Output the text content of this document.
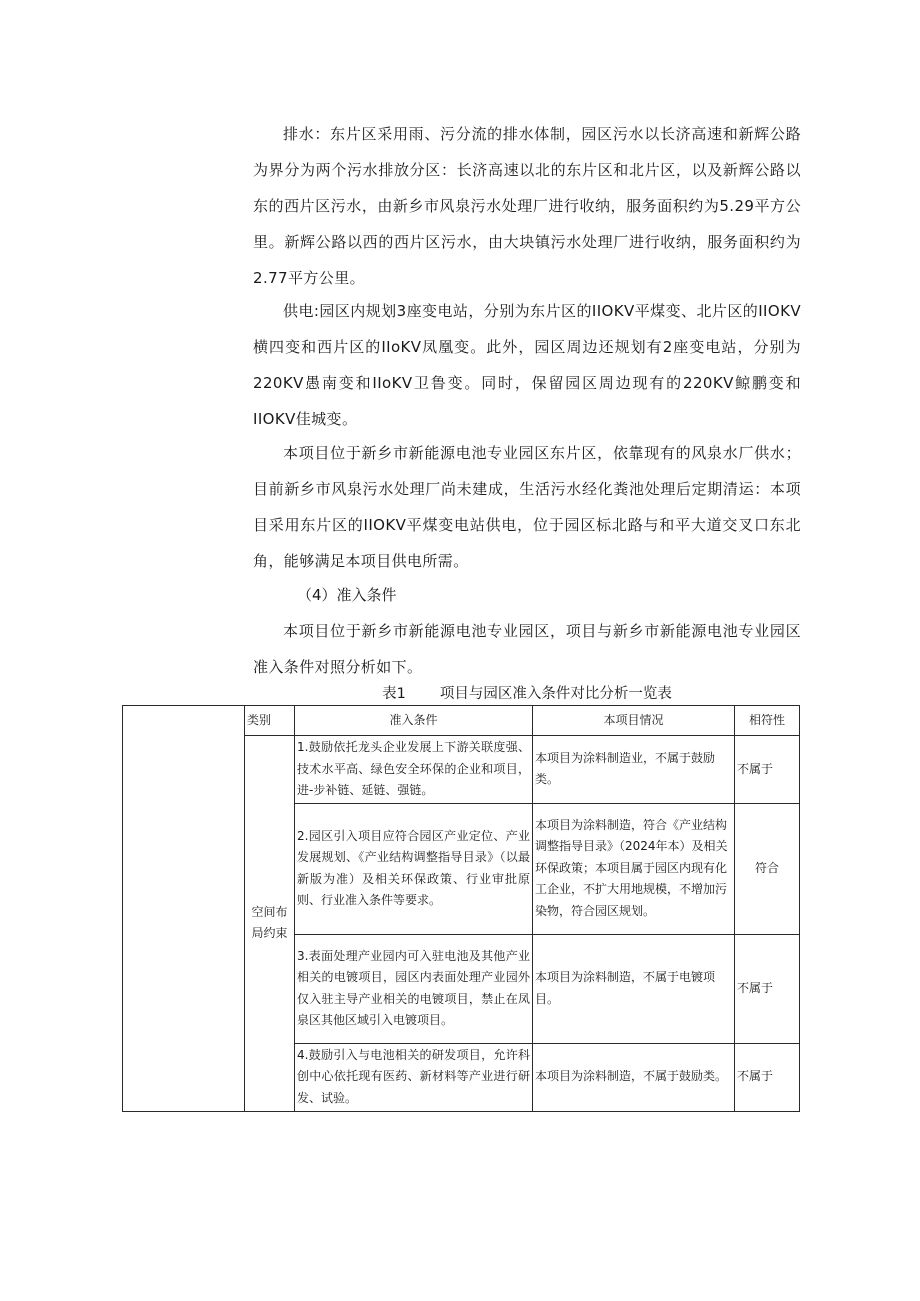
排水：东片区采用雨、污分流的排水体制，园区污水以长济高速和新辉公路为界分为两个污水排放分区：长济高速以北的东片区和北片区，以及新辉公路以东的西片区污水，由新乡市风泉污水处理厂进行收纳，服务面积约为5.29平方公里。新辉公路以西的西片区污水，由大块镇污水处理厂进行收纳，服务面积约为2.77平方公里。

供电:园区内规划3座变电站，分别为东片区的IIOKV平煤变、北片区的IIOKV横四变和西片区的IIoKV凤凰变。此外，园区周边还规划有2座变电站，分别为220KV愚南变和IIoKV卫鲁变。同时，保留园区周边现有的220KV鲸鹏变和IIOKV佳城变。

本项目位于新乡市新能源电池专业园区东片区，依靠现有的风泉水厂供水；目前新乡市风泉污水处理厂尚未建成，生活污水经化粪池处理后定期清运：本项目采用东片区的IIOKV平煤变电站供电，位于园区标北路与和平大道交叉口东北角，能够满足本项目供电所需。

（4）准入条件

本项目位于新乡市新能源电池专业园区，项目与新乡市新能源电池专业园区准入条件对照分析如下。

表1 项目与园区准入条件对比分析一览表

	类别	准入条件	本项目情况	相符性
	空间布局约束	1.鼓励依托龙头企业发展上下游关联度强、技术水平高、绿色安全环保的企业和项目，进-步补链、延链、强链。	本项目为涂料制造业，不属于鼓励类。	不属于
		2.园区引入项目应符合园区产业定位、产业发展规划、《产业结构调整指导目录》（以最新版为准）及相关环保政策、行业审批原则、行业准入条件等要求。	本项目为涂料制造，符合《产业结构调整指导目录》（2024年本）及相关环保政策；本项目属于园区内现有化工企业，不扩大用地规模，不增加污染物，符合园区规划。	符合
		3.表面处理产业园内可入驻电池及其他产业相关的电镀项目，园区内表面处理产业园外仅入驻主导产业相关的电镀项目，禁止在凤泉区其他区域引入电镀项目。	本项目为涂料制造，不属于电镀项目。	不属于
		4.鼓励引入与电池相关的研发项目，允许科创中心依托现有医药、新材料等产业进行研发、试验。	本项目为涂料制造，不属于鼓励类。	不属于
